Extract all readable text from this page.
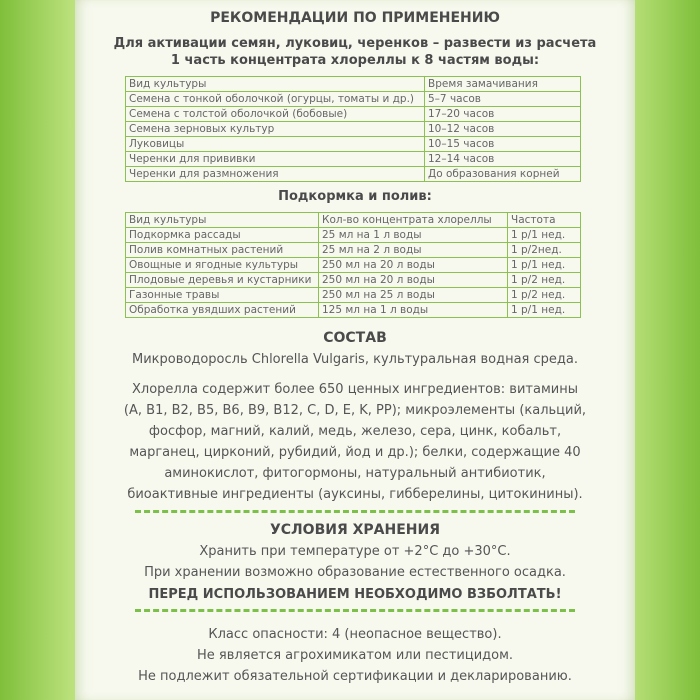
РЕКОМЕНДАЦИИ ПО ПРИМЕНЕНИЮ
Для активации семян, луковиц, черенков – развести из расчета
1 часть концентрата хлореллы к 8 частям воды:
Вид культуры	Время замачивания
Семена с тонкой оболочкой (огурцы, томаты и др.)	5–7 часов
Семена с толстой оболочкой (бобовые)	17–20 часов
Семена зерновых культур	10–12 часов
Луковицы	10–15 часов
Черенки для прививки	12–14 часов
Черенки для размножения	До образования корней
Подкормка и полив:
Вид культуры	Кол-во концентрата хлореллы	Частота
Подкормка рассады	25 мл на 1 л воды	1 р/1 нед.
Полив комнатных растений	25 мл на 2 л воды	1 р/2нед.
Овощные и ягодные культуры	250 мл на 20 л воды	1 р/1 нед.
Плодовые деревья и кустарники	250 мл на 20 л воды	1 р/2 нед.
Газонные травы	250 мл на 25 л воды	1 р/2 нед.
Обработка увядших растений	125 мл на 1 л воды	1 р/1 нед.
СОСТАВ
Микроводоросль Chlorella Vulgaris, культуральная водная среда.
Хлорелла содержит более 650 ценных ингредиентов: витамины
(A, B1, B2, B5, B6, B9, B12, C, D, E, K, PP); микроэлементы (кальций,
фосфор, магний, калий, медь, железо, сера, цинк, кобальт,
марганец, цирконий, рубидий, йод и др.); белки, содержащие 40
аминокислот, фитогормоны, натуральный антибиотик,
биоактивные ингредиенты (ауксины, гибберелины, цитокинины).
УСЛОВИЯ ХРАНЕНИЯ
Хранить при температуре от +2°С до +30°С.
При хранении возможно образование естественного осадка.
ПЕРЕД ИСПОЛЬЗОВАНИЕМ НЕОБХОДИМО ВЗБОЛТАТЬ!
Класс опасности: 4 (неопасное вещество).
Не является агрохимикатом или пестицидом.
Не подлежит обязательной сертификации и декларированию.
